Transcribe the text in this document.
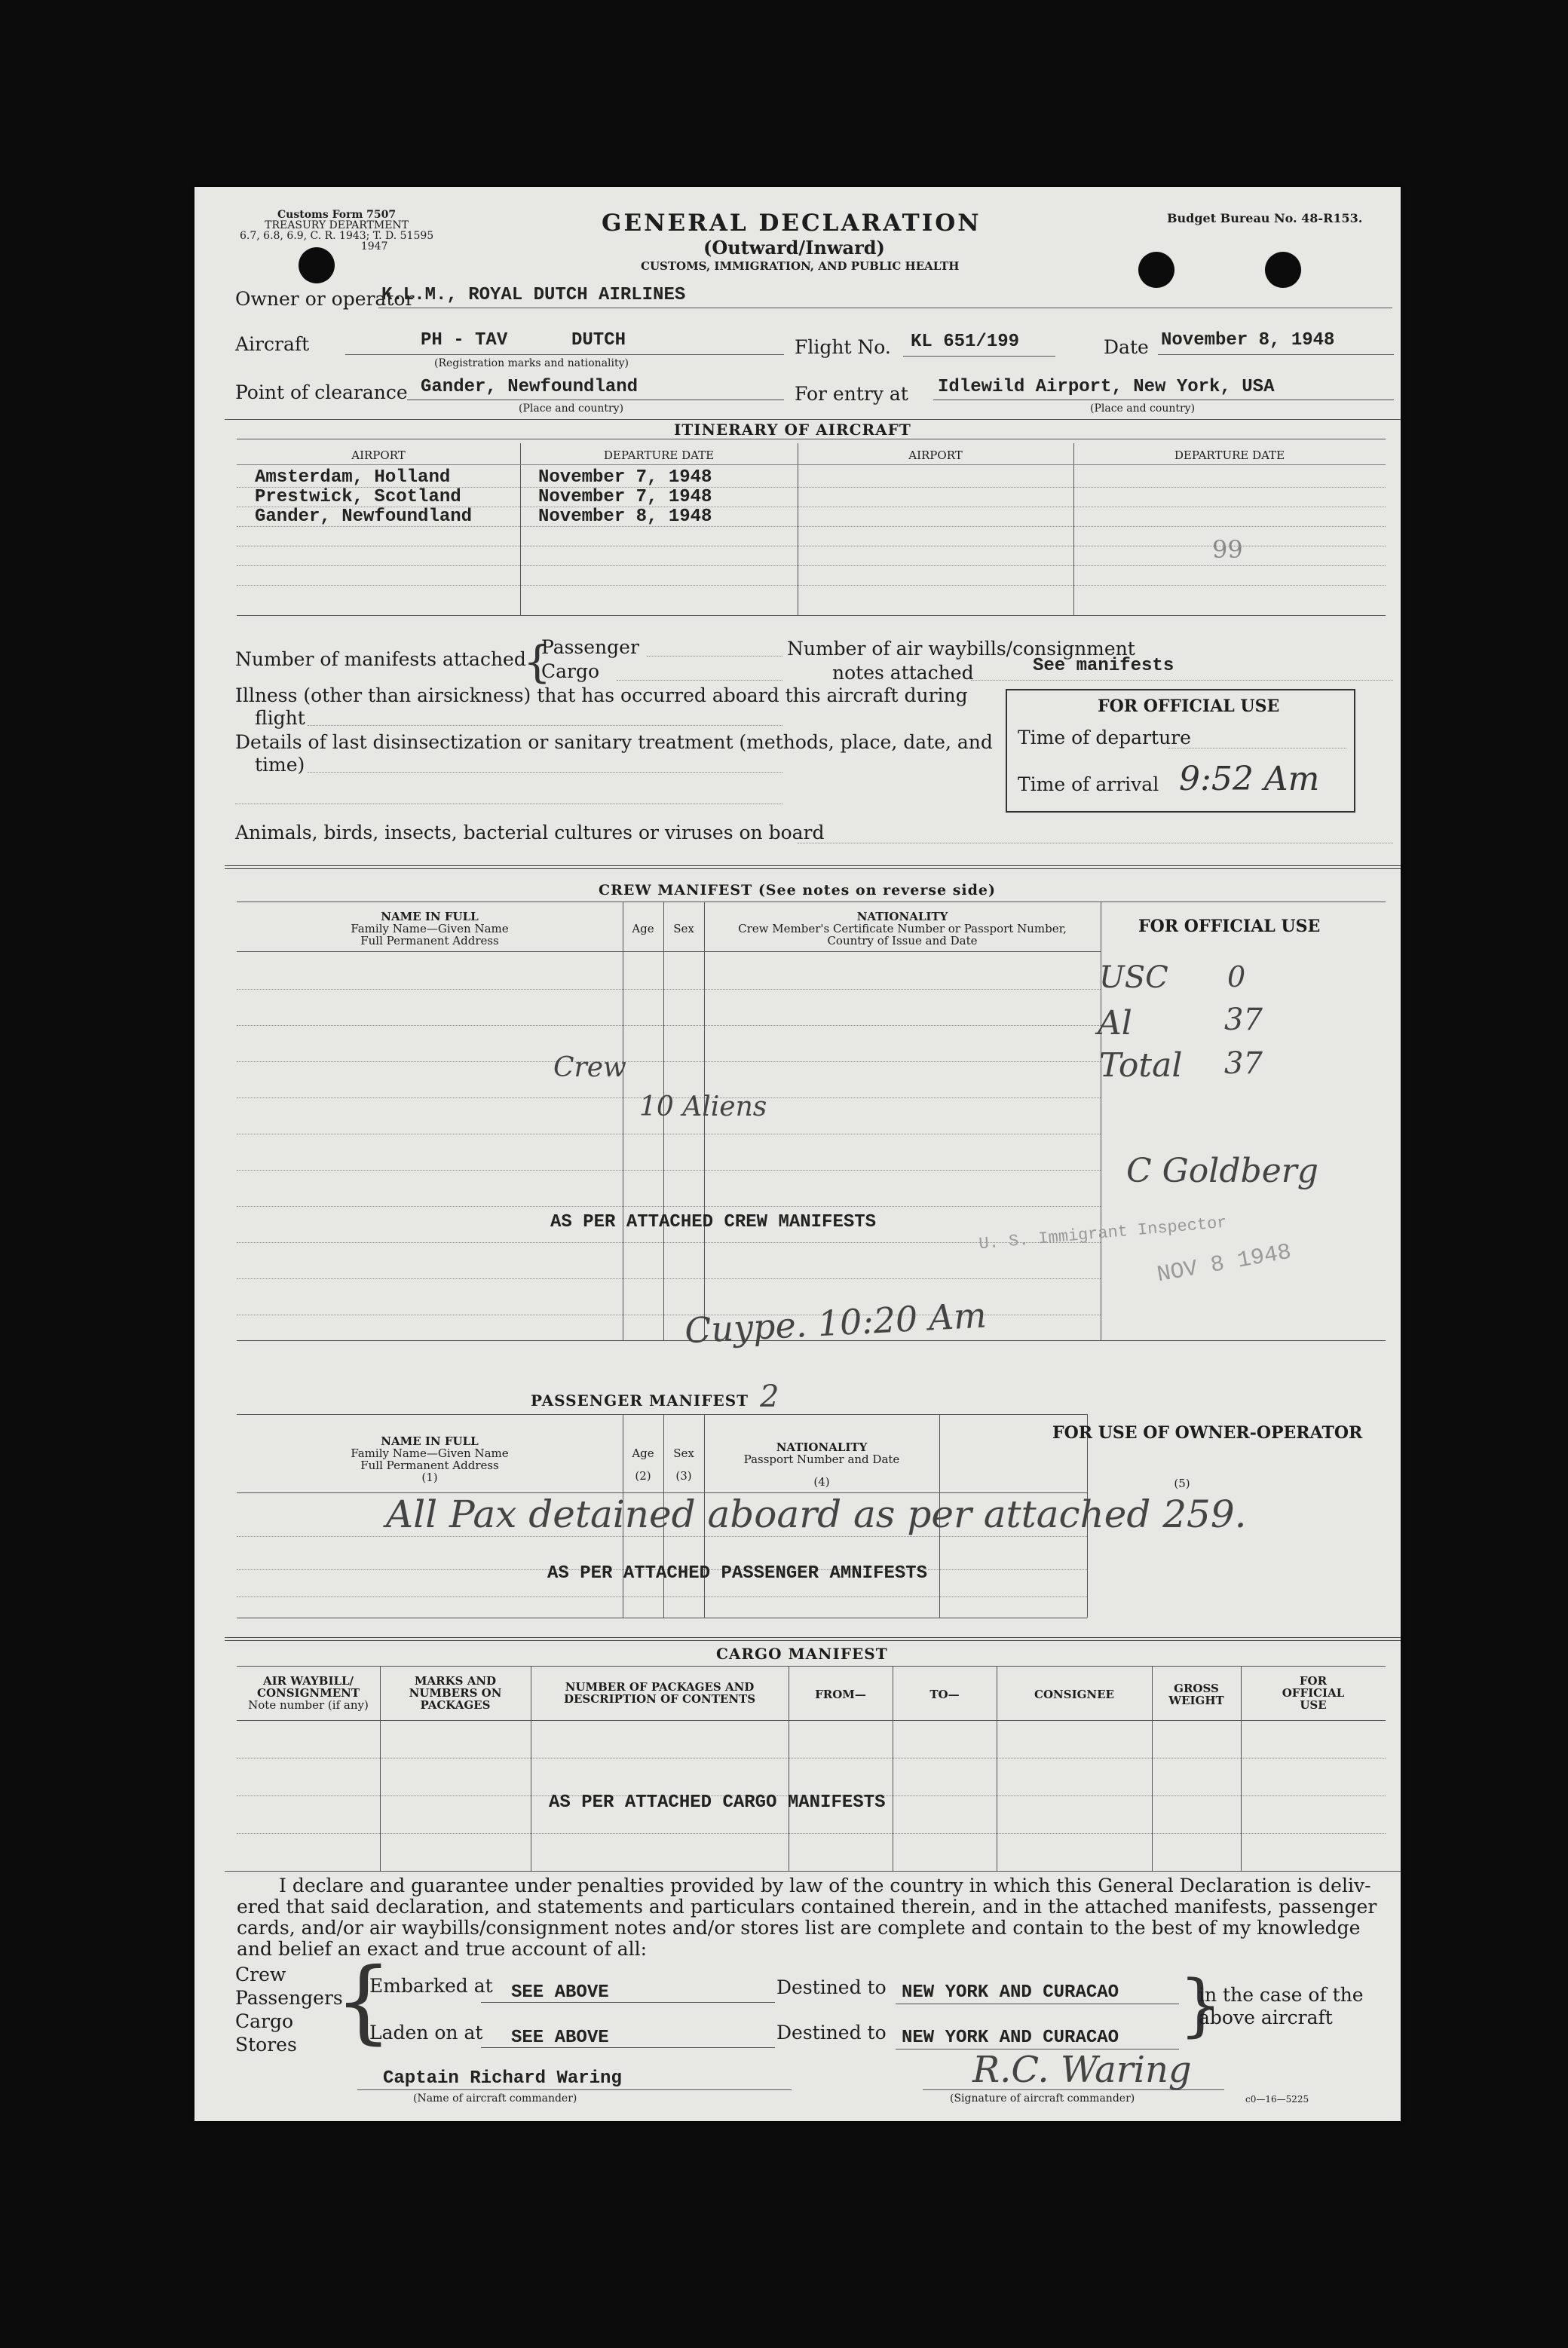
Customs Form 7507
TREASURY DEPARTMENT
6.7, 6.8, 6.9, C. R. 1943; T. D. 51595
1947
GENERAL DECLARATION
(Outward/Inward)
CUSTOMS, IMMIGRATION, AND PUBLIC HEALTH
Budget Bureau No. 48-R153.
Owner or operator
K.L.M., ROYAL DUTCH AIRLINES
Aircraft	PH - TAV	DUTCH
(Registration marks and nationality)
Flight No. KL 651/199	Date November 8, 1948
Point of clearance Gander, Newfoundland
(Place and country)
For entry at Idlewild Airport, New York, USA
(Place and country)
ITINERARY OF AIRCRAFT
AIRPORT	DEPARTURE DATE	AIRPORT	DEPARTURE DATE
Amsterdam, Holland	November 7, 1948
Prestwick, Scotland	November 7, 1948
Gander, Newfoundland	November 8, 1948
99
Number of manifests attached
{
Passenger
Cargo
Number of air waybills/consignment
notes attached	See manifests
Illness (other than airsickness) that has occurred aboard this aircraft during
flight
Details of last disinsectization or sanitary treatment (methods, place, date, and
time)
FOR OFFICIAL USE
Time of departure
Time of arrival 9:52 Am
Animals, birds, insects, bacterial cultures or viruses on board
CREW MANIFEST (See notes on reverse side)
NAME IN FULL
Family Name—Given Name
Full Permanent Address
Age	Sex
NATIONALITY
Crew Member's Certificate Number or Passport Number,
Country of Issue and Date
FOR OFFICIAL USE
Crew
10 Aliens
AS PER ATTACHED CREW MANIFESTS
Cuype. 10:20 Am
USC 0
Al	37
Total 37
C Goldberg
U. S. Immigrant Inspector
NOV 8 1948
PASSENGER MANIFEST 2
NAME IN FULL
Family Name—Given Name
Full Permanent Address
(1)
Age
(2)
Sex
(3)
NATIONALITY
Passport Number and Date
(4)	(5)
FOR USE OF OWNER-OPERATOR
All Pax detained aboard as per attached 259.
AS PER ATTACHED PASSENGER AMNIFESTS
CARGO MANIFEST
AIR WAYBILL/
CONSIGNMENT
Note number (if any)
MARKS AND
NUMBERS ON
PACKAGES
NUMBER OF PACKAGES AND
DESCRIPTION OF CONTENTS	FROM—	TO—	CONSIGNEE	GROSS
WEIGHT
FOR
OFFICIAL
USE
AS PER ATTACHED CARGO MANIFESTS
I declare and guarantee under penalties provided by law of the country in which this General Declaration is deliv-
ered that said declaration, and statements and particulars contained therein, and in the attached manifests, passenger
cards, and/or air waybills/consignment notes and/or stores list are complete and contain to the best of my knowledge
and belief an exact and true account of all:
Crew
Passengers
Cargo
Stores {
Embarked at SEE ABOVE
Laden on at SEE ABOVE
Destined to NEW YORK AND CURACAO
Destined to NEW YORK AND CURACAO }
in the case of the
above aircraft
Captain Richard Waring
(Name of aircraft commander)
R.C. Waring
(Signature of aircraft commander)	c0—16—5225
